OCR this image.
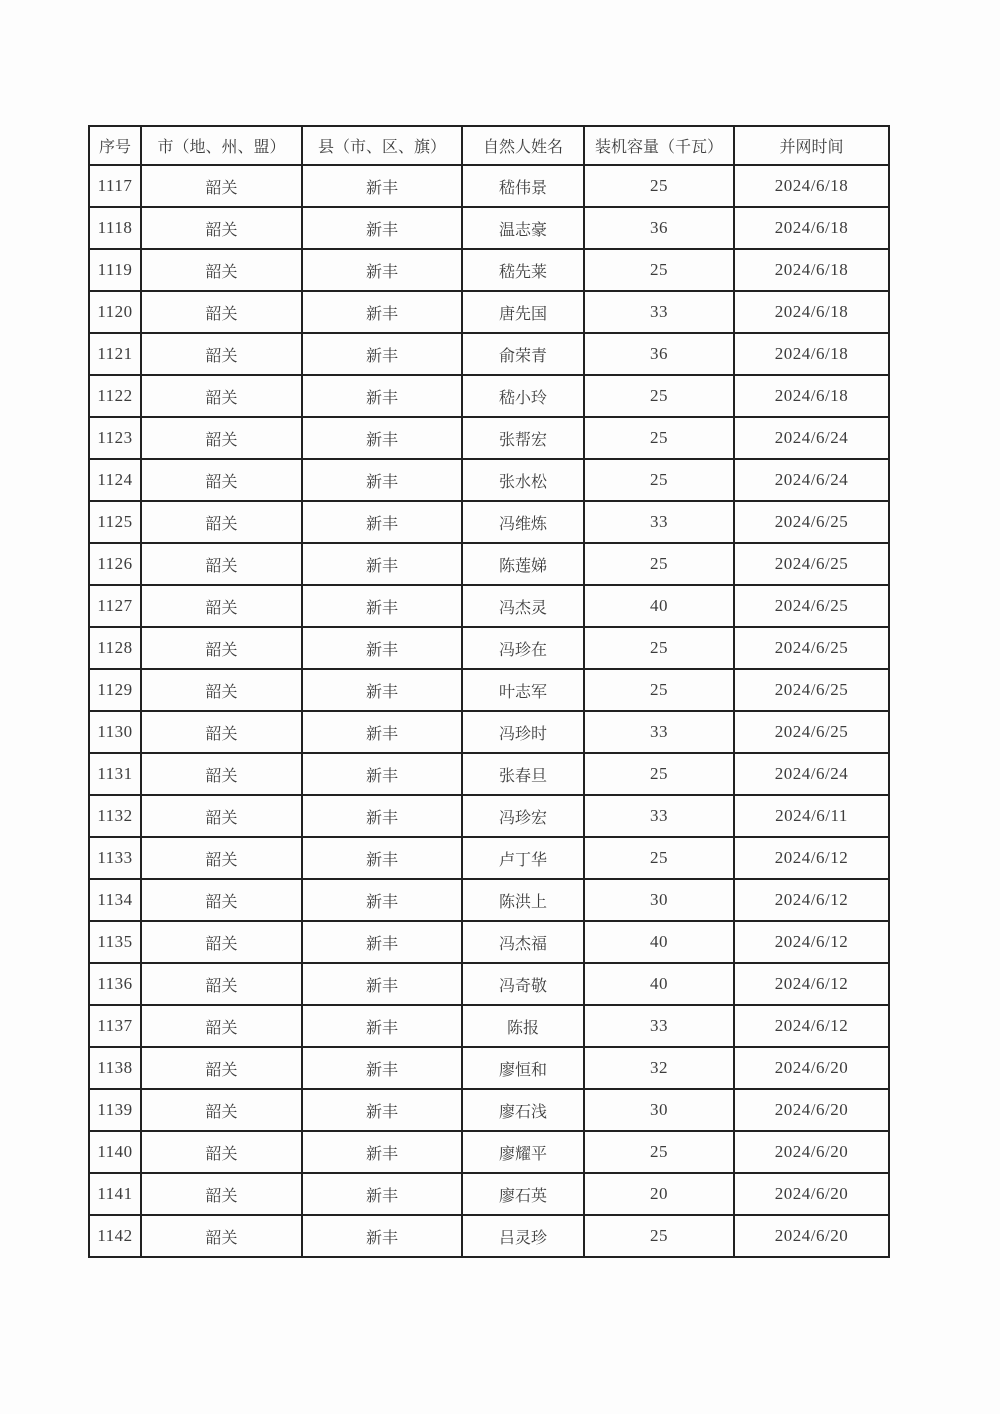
序号	市（地、州、盟）	县（市、区、旗）	自然人姓名	装机容量（千瓦）	并网时间
1117	韶关	新丰	嵇伟景	25	2024/6/18
1118	韶关	新丰	温志豪	36	2024/6/18
1119	韶关	新丰	嵇先莱	25	2024/6/18
1120	韶关	新丰	唐先国	33	2024/6/18
1121	韶关	新丰	俞荣青	36	2024/6/18
1122	韶关	新丰	嵇小玲	25	2024/6/18
1123	韶关	新丰	张帮宏	25	2024/6/24
1124	韶关	新丰	张水松	25	2024/6/24
1125	韶关	新丰	冯维炼	33	2024/6/25
1126	韶关	新丰	陈莲娣	25	2024/6/25
1127	韶关	新丰	冯杰灵	40	2024/6/25
1128	韶关	新丰	冯珍在	25	2024/6/25
1129	韶关	新丰	叶志军	25	2024/6/25
1130	韶关	新丰	冯珍时	33	2024/6/25
1131	韶关	新丰	张春旦	25	2024/6/24
1132	韶关	新丰	冯珍宏	33	2024/6/11
1133	韶关	新丰	卢丁华	25	2024/6/12
1134	韶关	新丰	陈洪上	30	2024/6/12
1135	韶关	新丰	冯杰福	40	2024/6/12
1136	韶关	新丰	冯奇敬	40	2024/6/12
1137	韶关	新丰	陈报	33	2024/6/12
1138	韶关	新丰	廖恒和	32	2024/6/20
1139	韶关	新丰	廖石浅	30	2024/6/20
1140	韶关	新丰	廖耀平	25	2024/6/20
1141	韶关	新丰	廖石英	20	2024/6/20
1142	韶关	新丰	吕灵珍	25	2024/6/20
